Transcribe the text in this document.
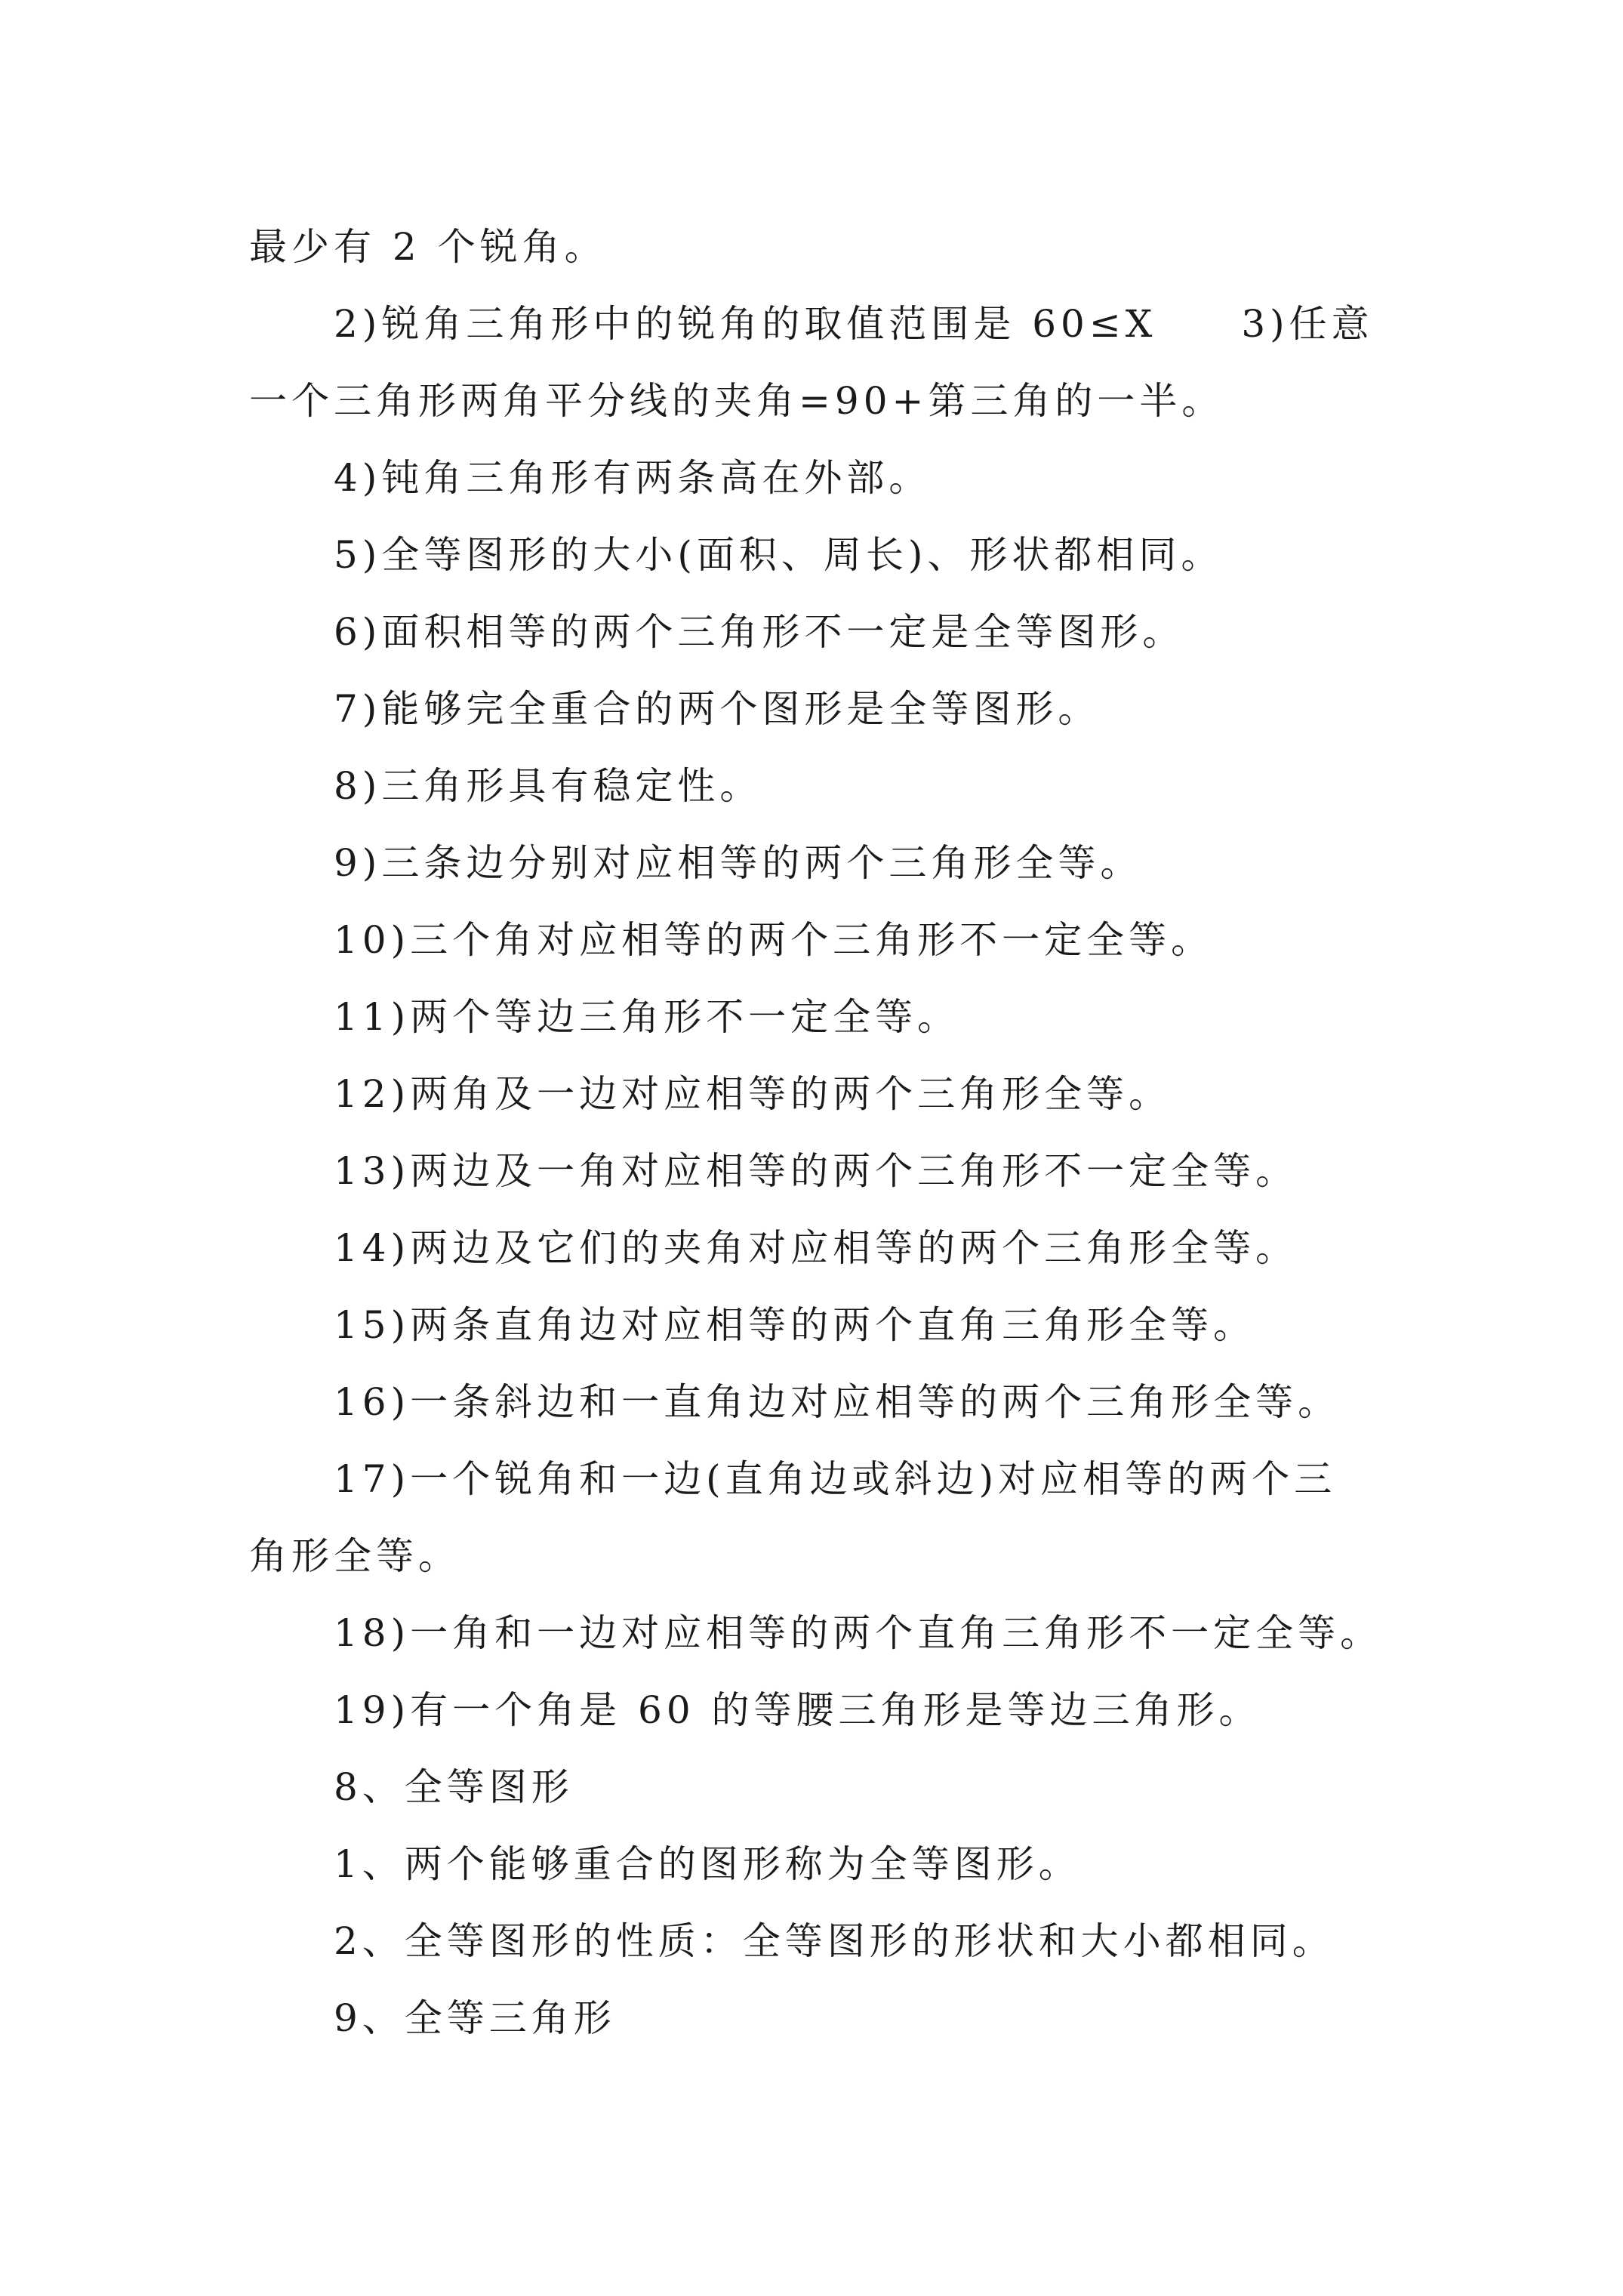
最少有 2 个锐角。
2)锐角三角形中的锐角的取值范围是 60≤X　　3)任意
一个三角形两角平分线的夹角=90+第三角的一半。
4)钝角三角形有两条高在外部。
5)全等图形的大小(面积、周长)、形状都相同。
6)面积相等的两个三角形不一定是全等图形。
7)能够完全重合的两个图形是全等图形。
8)三角形具有稳定性。
9)三条边分别对应相等的两个三角形全等。
10)三个角对应相等的两个三角形不一定全等。
11)两个等边三角形不一定全等。
12)两角及一边对应相等的两个三角形全等。
13)两边及一角对应相等的两个三角形不一定全等。
14)两边及它们的夹角对应相等的两个三角形全等。
15)两条直角边对应相等的两个直角三角形全等。
16)一条斜边和一直角边对应相等的两个三角形全等。
17)一个锐角和一边(直角边或斜边)对应相等的两个三
角形全等。
18)一角和一边对应相等的两个直角三角形不一定全等。
19)有一个角是 60 的等腰三角形是等边三角形。
8、全等图形
1、两个能够重合的图形称为全等图形。
2、全等图形的性质：全等图形的形状和大小都相同。
9、全等三角形
